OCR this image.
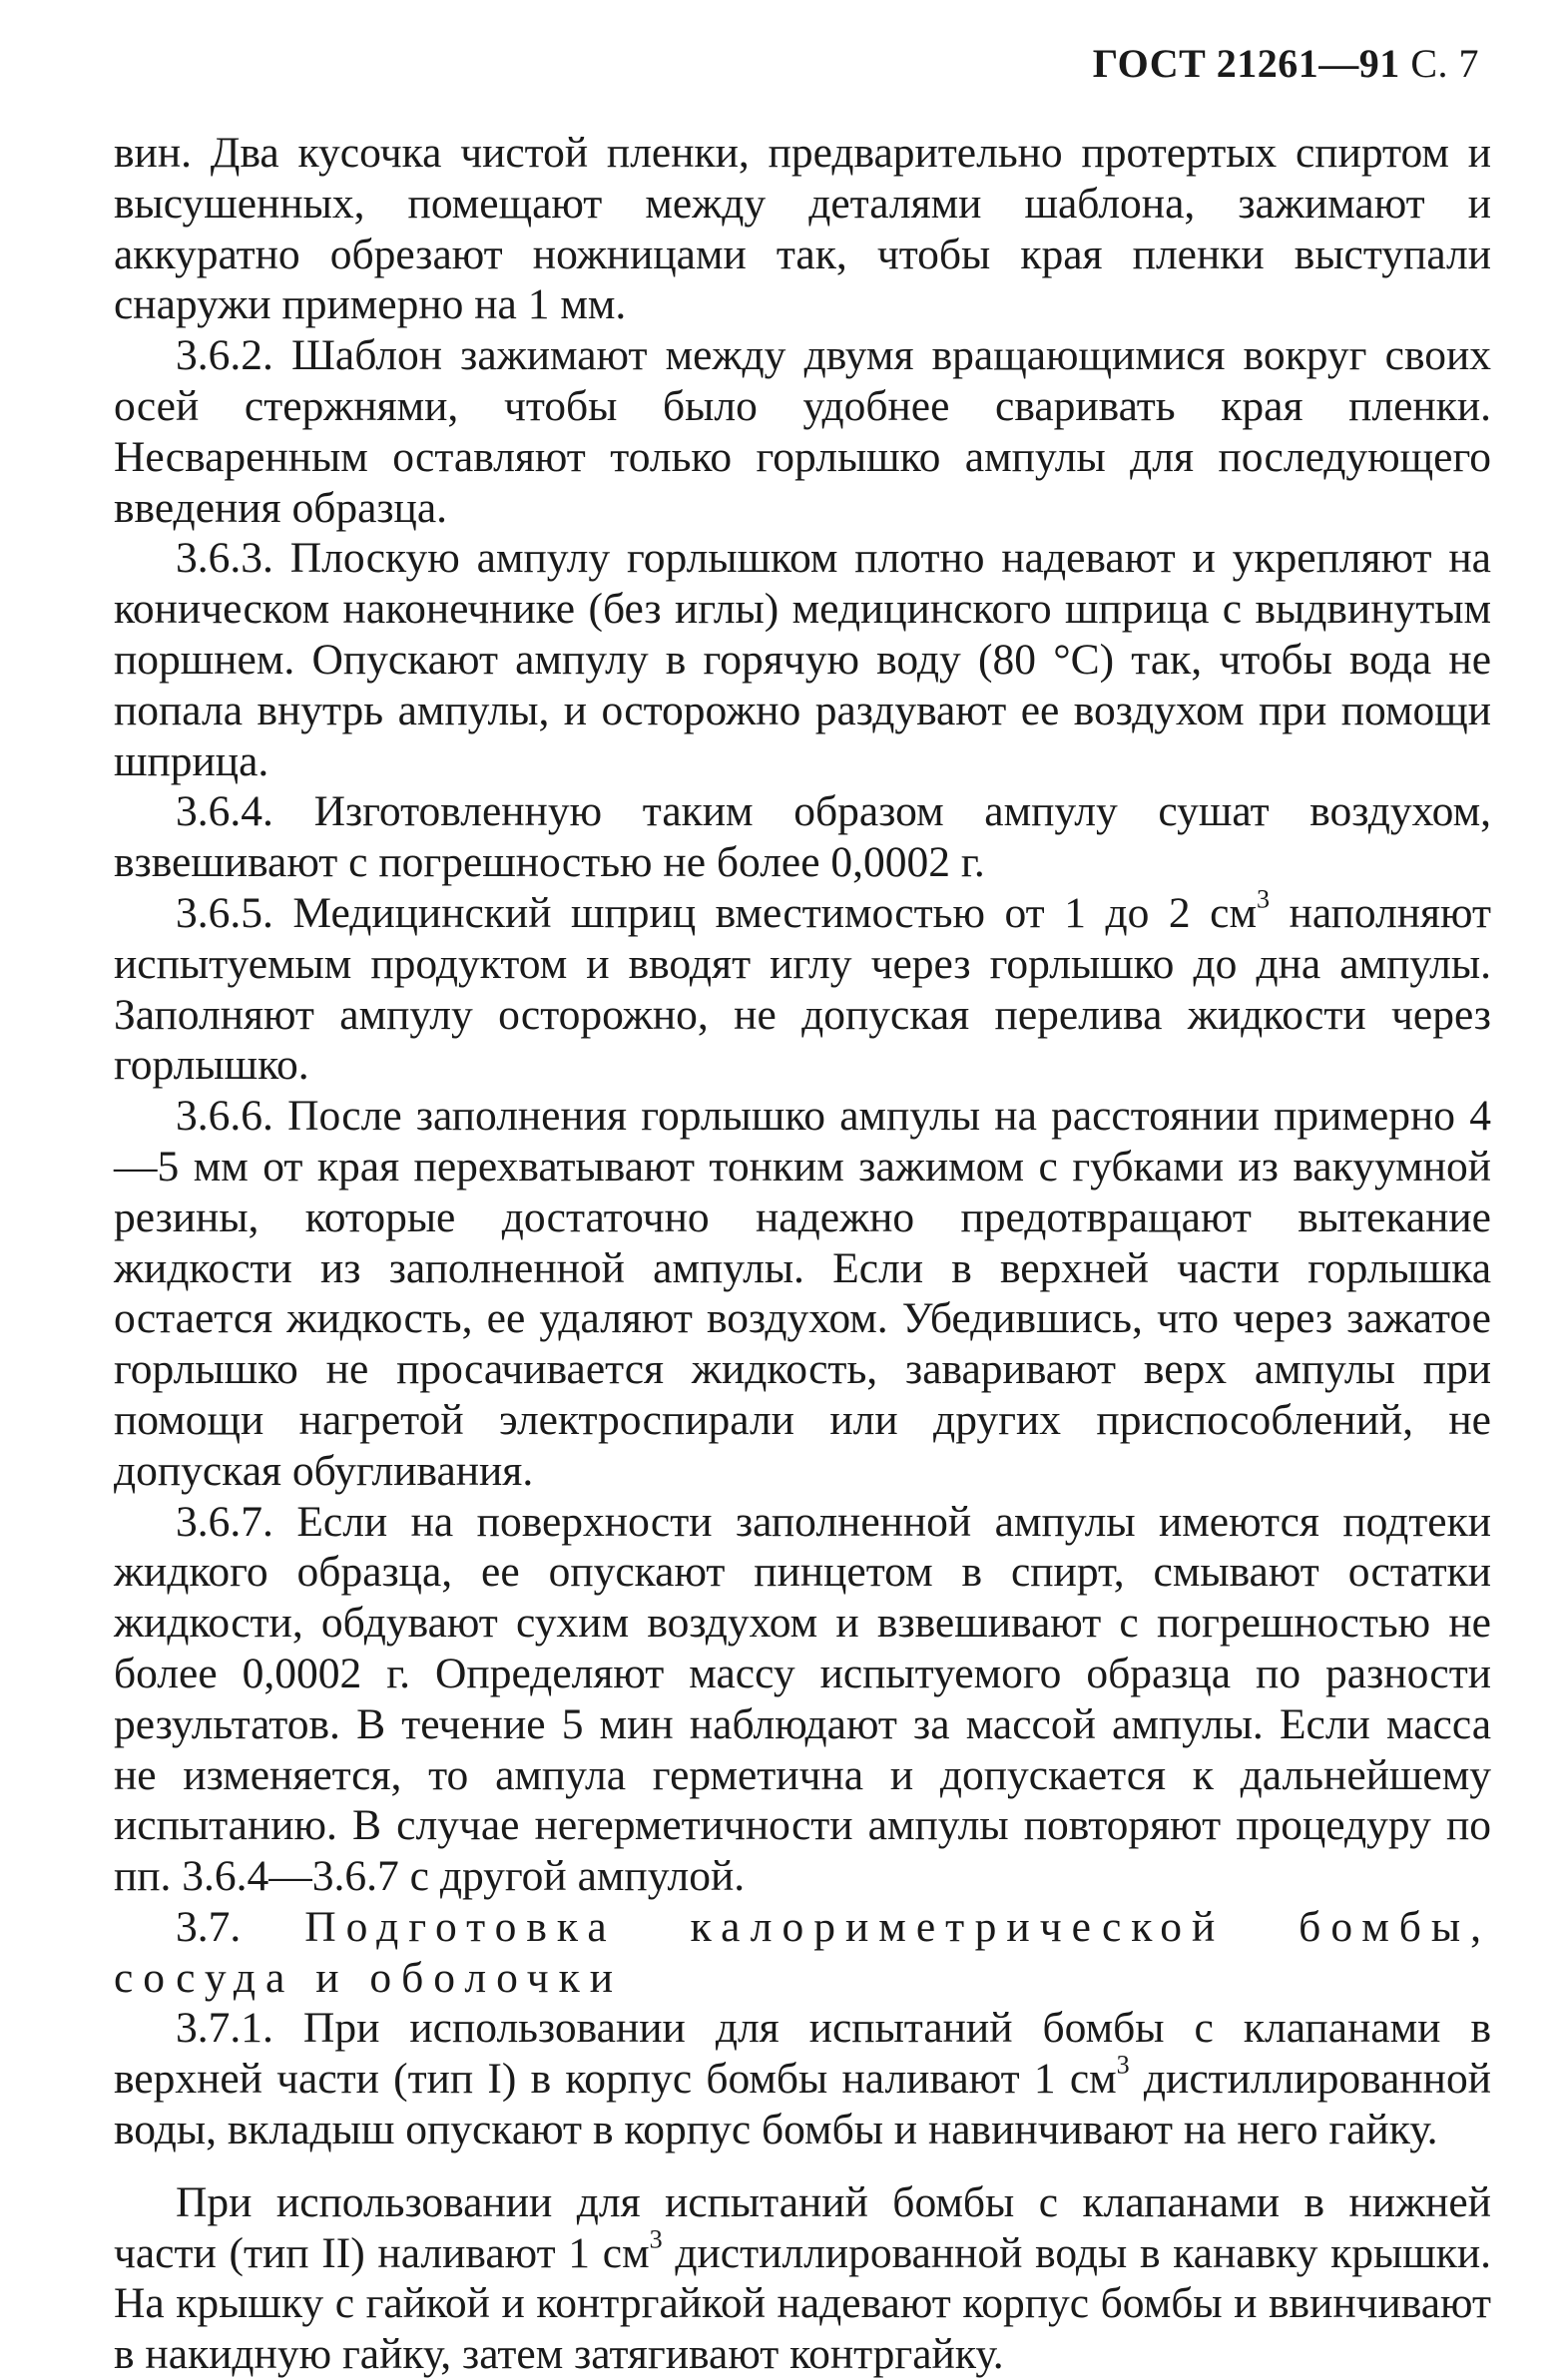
ГОСТ 21261—91 С. 7

вин. Два кусочка чистой пленки, предварительно протертых спиртом и высушенных, помещают между деталями шаблона, зажимают и аккуратно обрезают ножницами так, чтобы края пленки выступали снаружи примерно на 1 мм.

3.6.2. Шаблон зажимают между двумя вращающимися вокруг своих осей стержнями, чтобы было удобнее сваривать края пленки. Несваренным оставляют только горлышко ампулы для последующего введения образца.

3.6.3. Плоскую ампулу горлышком плотно надевают и укрепляют на коническом наконечнике (без иглы) медицинского шприца с выдвинутым поршнем. Опускают ампулу в горячую воду (80 °С) так, чтобы вода не попала внутрь ампулы, и осторожно раздувают ее воздухом при помощи шприца.

3.6.4. Изготовленную таким образом ампулу сушат воздухом, взвешивают с погрешностью не более 0,0002 г.

3.6.5. Медицинский шприц вместимостью от 1 до 2 $см^3$ наполняют испытуемым продуктом и вводят иглу через горлышко до дна ампулы. Заполняют ампулу осторожно, не допуская перелива жидкости через горлышко.

3.6.6. После заполнения горлышко ампулы на расстоянии примерно 4—5 мм от края перехватывают тонким зажимом с губками из вакуумной резины, которые достаточно надежно предотвращают вытекание жидкости из заполненной ампулы. Если в верхней части горлышка остается жидкость, ее удаляют воздухом. Убедившись, что через зажатое горлышко не просачивается жидкость, заваривают верх ампулы при помощи нагретой электроспирали или других приспособлений, не допуская обугливания.

3.6.7. Если на поверхности заполненной ампулы имеются подтеки жидкого образца, ее опускают пинцетом в спирт, смывают остатки жидкости, обдувают сухим воздухом и взвешивают с погрешностью не более 0,0002 г. Определяют массу испытуемого образца по разности результатов. В течение 5 мин наблюдают за массой ампулы. Если масса не изменяется, то ампула герметична и допускается к дальнейшему испытанию. В случае негерметичности ампулы повторяют процедуру по пп. 3.6.4—3.6.7 с другой ампулой.

3.7. Подготовка калориметрической бомбы, сосуда и оболочки

3.7.1. При использовании для испытаний бомбы с клапанами в верхней части (тип I) в корпус бомбы наливают 1 $см^3$ дистиллированной воды, вкладыш опускают в корпус бомбы и навинчивают на него гайку.

При использовании для испытаний бомбы с клапанами в нижней части (тип II) наливают 1 $см^3$ дистиллированной воды в канавку крышки. На крышку с гайкой и контргайкой надевают корпус бомбы и ввинчивают в накидную гайку, затем затягивают контргайку.
